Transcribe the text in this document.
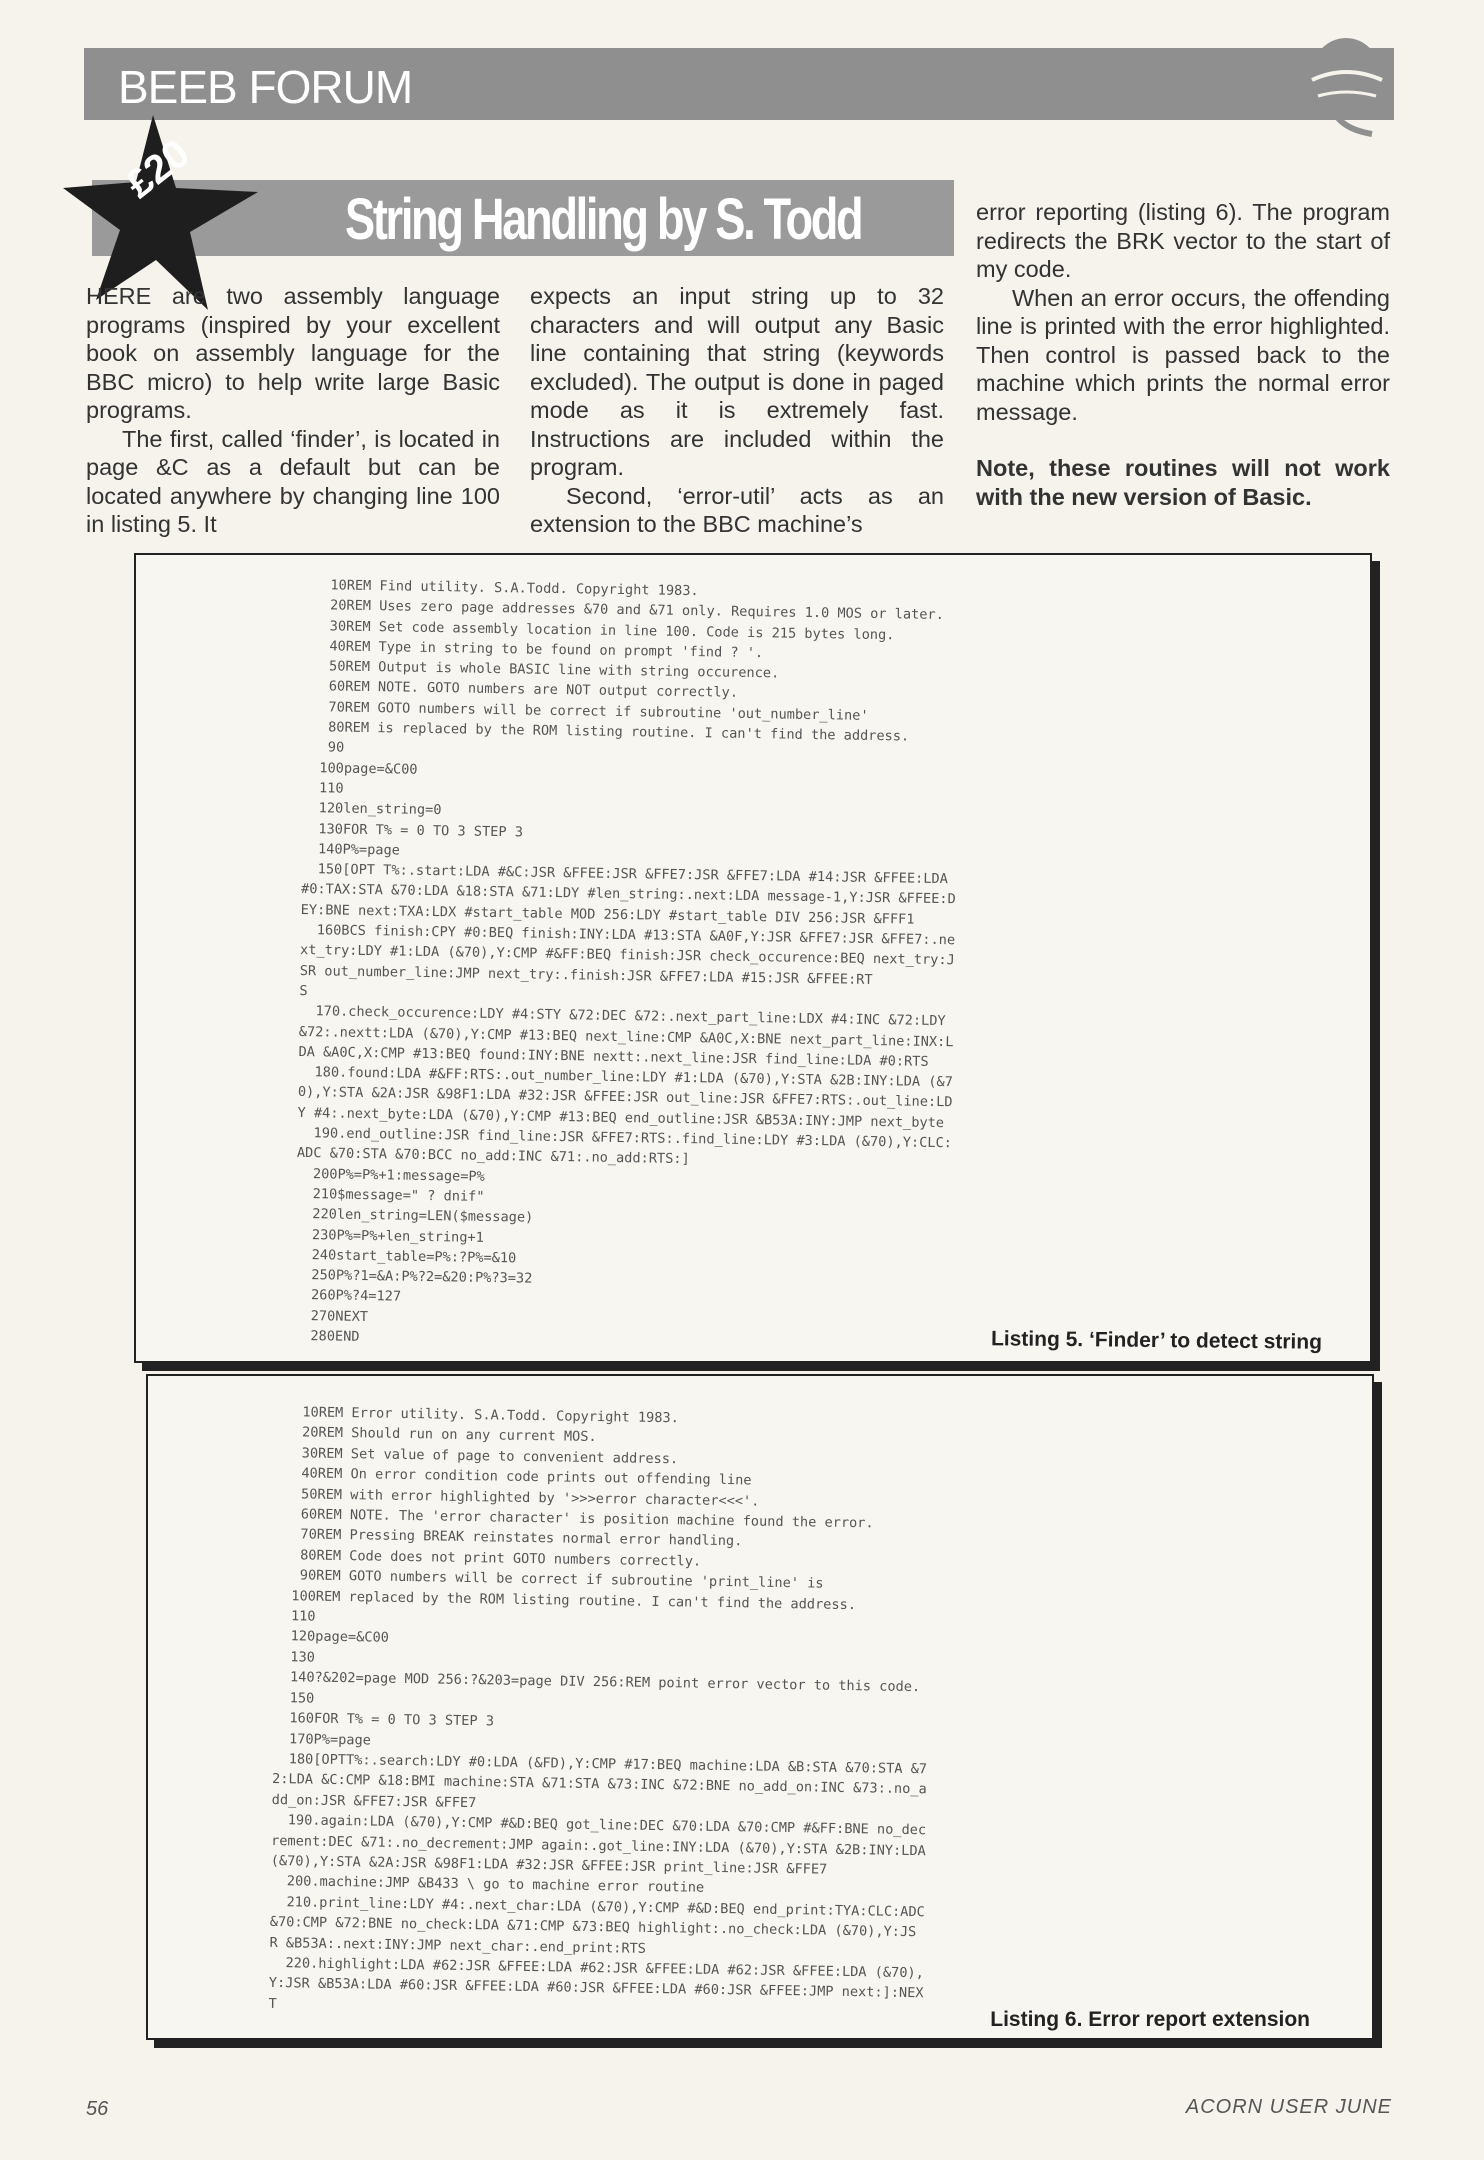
BEEB FORUM
String Handling by S. Todd
£20

HERE are two assembly language programs (inspired by your excellent book on assembly language for the BBC micro) to help write large Basic programs.

The first, called ‘finder’, is located in page &C as a default but can be located anywhere by changing line 100 in listing 5. It

expects an input string up to 32 characters and will output any Basic line containing that string (keywords excluded). The output is done in paged mode as it is extremely fast. Instructions are included within the program.

Second, ‘error-util’ acts as an extension to the BBC machine’s

error reporting (listing 6). The program redirects the BRK vector to the start of my code.

When an error occurs, the offending line is printed with the error highlighted. Then control is passed back to the machine which prints the normal error message.

Note, these routines will not work with the new version of Basic.

10REM Find utility. S.A.Todd. Copyright 1983.
20REM Uses zero page addresses &70 and &71 only. Requires 1.0 MOS or later.
30REM Set code assembly location in line 100. Code is 215 bytes long.
40REM Type in string to be found on prompt 'find ? '.
50REM Output is whole BASIC line with string occurence.
60REM NOTE. GOTO numbers are NOT output correctly.
70REM GOTO numbers will be correct if subroutine 'out_number_line'
80REM is replaced by the ROM listing routine. I can't find the address.
90
100page=&C00
110
120len_string=0
130FOR T% = 0 TO 3 STEP 3
140P%=page
150[OPT T%:.start:LDA #&C:JSR &FFEE:JSR &FFE7:JSR &FFE7:LDA #14:JSR &FFEE:LDA
#0:TAX:STA &70:LDA &18:STA &71:LDY #len_string:.next:LDA message-1,Y:JSR &FFEE:D
EY:BNE next:TXA:LDX #start_table MOD 256:LDY #start_table DIV 256:JSR &FFF1
160BCS finish:CPY #0:BEQ finish:INY:LDA #13:STA &A0F,Y:JSR &FFE7:JSR &FFE7:.ne
xt_try:LDY #1:LDA (&70),Y:CMP #&FF:BEQ finish:JSR check_occurence:BEQ next_try:J
SR out_number_line:JMP next_try:.finish:JSR &FFE7:LDA #15:JSR &FFEE:RT
S
170.check_occurence:LDY #4:STY &72:DEC &72:.next_part_line:LDX #4:INC &72:LDY
&72:.nextt:LDA (&70),Y:CMP #13:BEQ next_line:CMP &A0C,X:BNE next_part_line:INX:L
DA &A0C,X:CMP #13:BEQ found:INY:BNE nextt:.next_line:JSR find_line:LDA #0:RTS
180.found:LDA #&FF:RTS:.out_number_line:LDY #1:LDA (&70),Y:STA &2B:INY:LDA (&7
0),Y:STA &2A:JSR &98F1:LDA #32:JSR &FFEE:JSR out_line:JSR &FFE7:RTS:.out_line:LD
Y #4:.next_byte:LDA (&70),Y:CMP #13:BEQ end_outline:JSR &B53A:INY:JMP next_byte
190.end_outline:JSR find_line:JSR &FFE7:RTS:.find_line:LDY #3:LDA (&70),Y:CLC:
ADC &70:STA &70:BCC no_add:INC &71:.no_add:RTS:]
200P%=P%+1:message=P%
210$message=" ? dnif"
220len_string=LEN($message)
230P%=P%+len_string+1
240start_table=P%:?P%=&10
250P%?1=&A:P%?2=&20:P%?3=32
260P%?4=127
270NEXT
280END	Listing 5. ‘Finder’ to detect string
10REM Error utility. S.A.Todd. Copyright 1983.
20REM Should run on any current MOS.
30REM Set value of page to convenient address.
40REM On error condition code prints out offending line
50REM with error highlighted by '>>>error character<<<'.
60REM NOTE. The 'error character' is position machine found the error.
70REM Pressing BREAK reinstates normal error handling.
80REM Code does not print GOTO numbers correctly.
90REM GOTO numbers will be correct if subroutine 'print_line' is
100REM replaced by the ROM listing routine. I can't find the address.
110
120page=&C00
130
140?&202=page MOD 256:?&203=page DIV 256:REM point error vector to this code.
150
160FOR T% = 0 TO 3 STEP 3
170P%=page
180[OPTT%:.search:LDY #0:LDA (&FD),Y:CMP #17:BEQ machine:LDA &B:STA &70:STA &7
2:LDA &C:CMP &18:BMI machine:STA &71:STA &73:INC &72:BNE no_add_on:INC &73:.no_a
dd_on:JSR &FFE7:JSR &FFE7
190.again:LDA (&70),Y:CMP #&D:BEQ got_line:DEC &70:LDA &70:CMP #&FF:BNE no_dec
rement:DEC &71:.no_decrement:JMP again:.got_line:INY:LDA (&70),Y:STA &2B:INY:LDA
(&70),Y:STA &2A:JSR &98F1:LDA #32:JSR &FFEE:JSR print_line:JSR &FFE7
200.machine:JMP &B433 \ go to machine error routine
210.print_line:LDY #4:.next_char:LDA (&70),Y:CMP #&D:BEQ end_print:TYA:CLC:ADC
&70:CMP &72:BNE no_check:LDA &71:CMP &73:BEQ highlight:.no_check:LDA (&70),Y:JS
R &B53A:.next:INY:JMP next_char:.end_print:RTS
220.highlight:LDA #62:JSR &FFEE:LDA #62:JSR &FFEE:LDA #62:JSR &FFEE:LDA (&70),
Y:JSR &B53A:LDA #60:JSR &FFEE:LDA #60:JSR &FFEE:LDA #60:JSR &FFEE:JMP next:]:NEX
T
Listing 6. Error report extension
56	ACORN USER JUNE
